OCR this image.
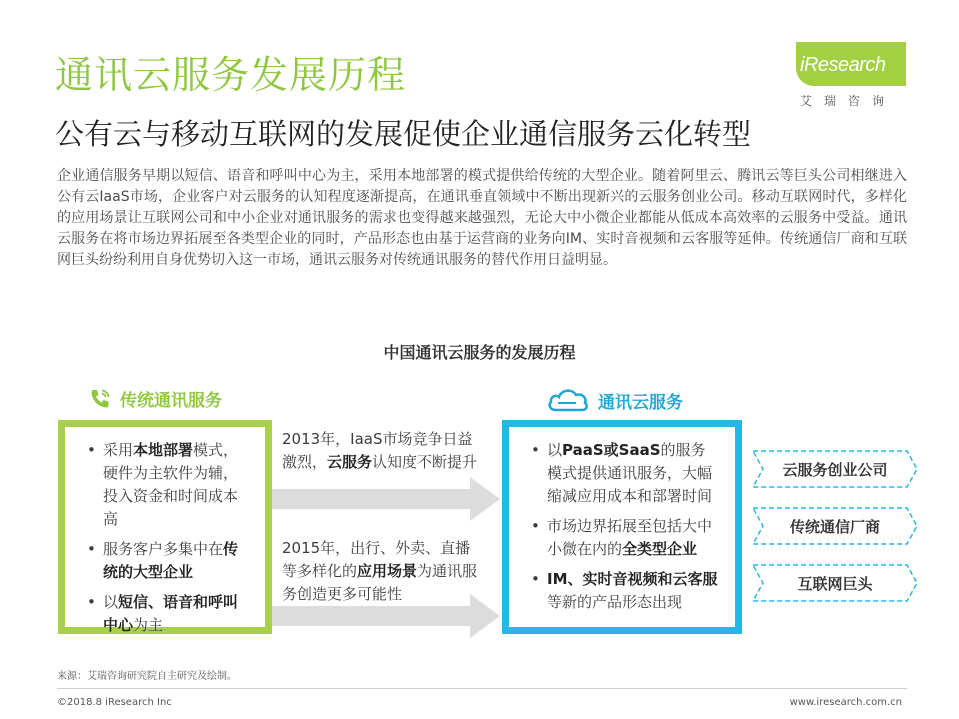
通讯云服务发展历程
公有云与移动互联网的发展促使企业通信服务云化转型
iResearch
艾瑞咨询
企业通信服务早期以短信、语音和呼叫中心为主，采用本地部署的模式提供给传统的大型企业。随着阿里云、腾讯云等巨头公司相继进入公有云IaaS市场，企业客户对云服务的认知程度逐渐提高，在通讯垂直领域中不断出现新兴的云服务创业公司。移动互联网时代，多样化的应用场景让互联网公司和中小企业对通讯服务的需求也变得越来越强烈，无论大中小微企业都能从低成本高效率的云服务中受益。通讯云服务在将市场边界拓展至各类型企业的同时，产品形态也由基于运营商的业务向IM、实时音视频和云客服等延伸。传统通信厂商和互联网巨头纷纷利用自身优势切入这一市场，通讯云服务对传统通讯服务的替代作用日益明显。
中国通讯云服务的发展历程
传统通讯服务	通讯云服务
• 采用本地部署模式，硬件为主软件为辅，投入资金和时间成本高
• 服务客户多集中在传统的大型企业
• 以短信、语音和呼叫中心为主
2013年，IaaS市场竞争日益激烈，云服务认知度不断提升
2015年，出行、外卖、直播等多样化的应用场景为通讯服务创造更多可能性
• 以PaaS或SaaS的服务模式提供通讯服务，大幅缩减应用成本和部署时间
• 市场边界拓展至包括大中小微在内的全类型企业
• IM、实时音视频和云客服等新的产品形态出现
云服务创业公司
传统通信厂商
互联网巨头
来源：艾瑞咨询研究院自主研究及绘制。
©2018.8 iResearch Inc	www.iresearch.com.cn
